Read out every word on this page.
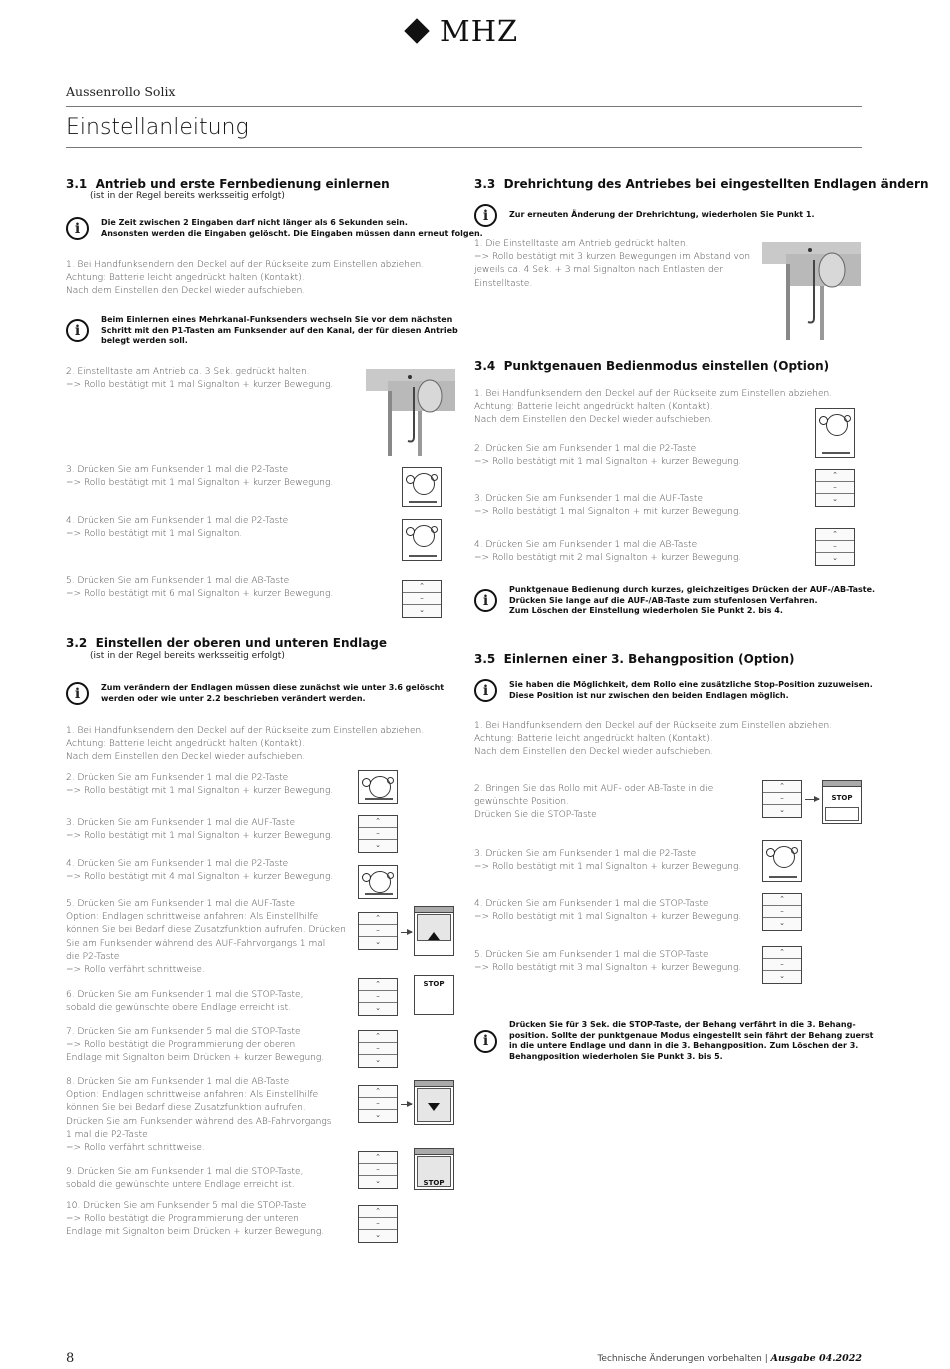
MHZ
Aussenrollo Solix
Einstellanleitung
3.1 Antrieb und erste Fernbedienung einlernen
(ist in der Regel bereits werksseitig erfolgt)
i	Die Zeit zwischen 2 Eingaben darf nicht länger als 6 Sekunden sein.
Ansonsten werden die Eingaben gelöscht. Die Eingaben müssen dann erneut folgen.
1. Bei Handfunksendern den Deckel auf der Rückseite zum Einstellen abziehen.
Achtung: Batterie leicht angedrückt halten (Kontakt).
Nach dem Einstellen den Deckel wieder aufschieben.
i
Beim Einlernen eines Mehrkanal-Funksenders wechseln Sie vor dem nächsten
Schritt mit den P1-Tasten am Funksender auf den Kanal, der für diesen Antrieb
belegt werden soll.
2. Einstelltaste am Antrieb ca. 3 Sek. gedrückt halten.
=> Rollo bestätigt mit 1 mal Signalton + kurzer Bewegung.
3. Drücken Sie am Funksender 1 mal die P2-Taste
=> Rollo bestätigt mit 1 mal Signalton + kurzer Bewegung.
4. Drücken Sie am Funksender 1 mal die P2-Taste
=> Rollo bestätigt mit 1 mal Signalton.
5. Drücken Sie am Funksender 1 mal die AB-Taste
=> Rollo bestätigt mit 6 mal Signalton + kurzer Bewegung.
⌃
–
⌄
3.2 Einstellen der oberen und unteren Endlage
(ist in der Regel bereits werksseitig erfolgt)
i	Zum verändern der Endlagen müssen diese zunächst wie unter 3.6 gelöscht
werden oder wie unter 2.2 beschrieben verändert werden.
1. Bei Handfunksendern den Deckel auf der Rückseite zum Einstellen abziehen.
Achtung: Batterie leicht angedrückt halten (Kontakt).
Nach dem Einstellen den Deckel wieder aufschieben.
2. Drücken Sie am Funksender 1 mal die P2-Taste
=> Rollo bestätigt mit 1 mal Signalton + kurzer Bewegung.
3. Drücken Sie am Funksender 1 mal die AUF-Taste
=> Rollo bestätigt mit 1 mal Signalton + kurzer Bewegung.
⌃
–
⌄
4. Drücken Sie am Funksender 1 mal die P2-Taste
=> Rollo bestätigt mit 4 mal Signalton + kurzer Bewegung.
5. Drücken Sie am Funksender 1 mal die AUF-Taste
Option: Endlagen schrittweise anfahren: Als Einstellhilfe
können Sie bei Bedarf diese Zusatzfunktion aufrufen. Drücken
Sie am Funksender während des AUF-Fahrvorgangs 1 mal
die P2-Taste
=> Rollo verfährt schrittweise.
⌃
–
⌄
6. Drücken Sie am Funksender 1 mal die STOP-Taste,
sobald die gewünschte obere Endlage erreicht ist.
⌃
–
⌄
STOP
7. Drücken Sie am Funksender 5 mal die STOP-Taste
=> Rollo bestätigt die Programmierung der oberen
Endlage mit Signalton beim Drücken + kurzer Bewegung.
⌃
–
⌄
8. Drücken Sie am Funksender 1 mal die AB-Taste
Option: Endlagen schrittweise anfahren: Als Einstellhilfe
können Sie bei Bedarf diese Zusatzfunktion aufrufen.
Drücken Sie am Funksender während des AB-Fahrvorgangs
1 mal die P2-Taste
=> Rollo verfährt schrittweise.
⌃
–
⌄
9. Drücken Sie am Funksender 1 mal die STOP-Taste,
sobald die gewünschte untere Endlage erreicht ist.
⌃
–
⌄	STOP
10. Drücken Sie am Funksender 5 mal die STOP-Taste
=> Rollo bestätigt die Programmierung der unteren
Endlage mit Signalton beim Drücken + kurzer Bewegung.
⌃
–
⌄
3.3 Drehrichtung des Antriebes bei eingestellten Endlagen ändern
i	Zur erneuten Änderung der Drehrichtung, wiederholen Sie Punkt 1.
1. Die Einstelltaste am Antrieb gedrückt halten.
=> Rollo bestätigt mit 3 kurzen Bewegungen im Abstand von
jeweils ca. 4 Sek. + 3 mal Signalton nach Entlasten der
Einstelltaste.
3.4 Punktgenauen Bedienmodus einstellen (Option)
1. Bei Handfunksendern den Deckel auf der Rückseite zum Einstellen abziehen.
Achtung: Batterie leicht angedrückt halten (Kontakt).
Nach dem Einstellen den Deckel wieder aufschieben.
2. Drücken Sie am Funksender 1 mal die P2-Taste
=> Rollo bestätigt mit 1 mal Signalton + kurzer Bewegung.
3. Drücken Sie am Funksender 1 mal die AUF-Taste
=> Rollo bestätigt 1 mal Signalton + mit kurzer Bewegung.
⌃
–
⌄
4. Drücken Sie am Funksender 1 mal die AB-Taste
=> Rollo bestätigt mit 2 mal Signalton + kurzer Bewegung.
⌃
–
⌄
i
Punktgenaue Bedienung durch kurzes, gleichzeitiges Drücken der AUF-/AB-Taste.
Drücken Sie lange auf die AUF-/AB-Taste zum stufenlosen Verfahren.
Zum Löschen der Einstellung wiederholen Sie Punkt 2. bis 4.
3.5 Einlernen einer 3. Behangposition (Option)
i	Sie haben die Möglichkeit, dem Rollo eine zusätzliche Stop-Position zuzuweisen.
Diese Position ist nur zwischen den beiden Endlagen möglich.
1. Bei Handfunksendern den Deckel auf der Rückseite zum Einstellen abziehen.
Achtung: Batterie leicht angedrückt halten (Kontakt).
Nach dem Einstellen den Deckel wieder aufschieben.
2. Bringen Sie das Rollo mit AUF- oder AB-Taste in die
gewünschte Position.
Drücken Sie die STOP-Taste
⌃
–
⌄
STOP
3. Drücken Sie am Funksender 1 mal die P2-Taste
=> Rollo bestätigt mit 1 mal Signalton + kurzer Bewegung.
4. Drücken Sie am Funksender 1 mal die STOP-Taste
=> Rollo bestätigt mit 1 mal Signalton + kurzer Bewegung.
⌃
–
⌄
5. Drücken Sie am Funksender 1 mal die STOP-Taste
=> Rollo bestätigt mit 3 mal Signalton + kurzer Bewegung.
⌃
–
⌄
i
Drücken Sie für 3 Sek. die STOP-Taste, der Behang verfährt in die 3. Behang-
position. Sollte der punktgenaue Modus eingestellt sein fährt der Behang zuerst
in die untere Endlage und dann in die 3. Behangposition. Zum Löschen der 3.
Behangposition wiederholen Sie Punkt 3. bis 5.
8	Technische Änderungen vorbehalten | Ausgabe 04.2022
